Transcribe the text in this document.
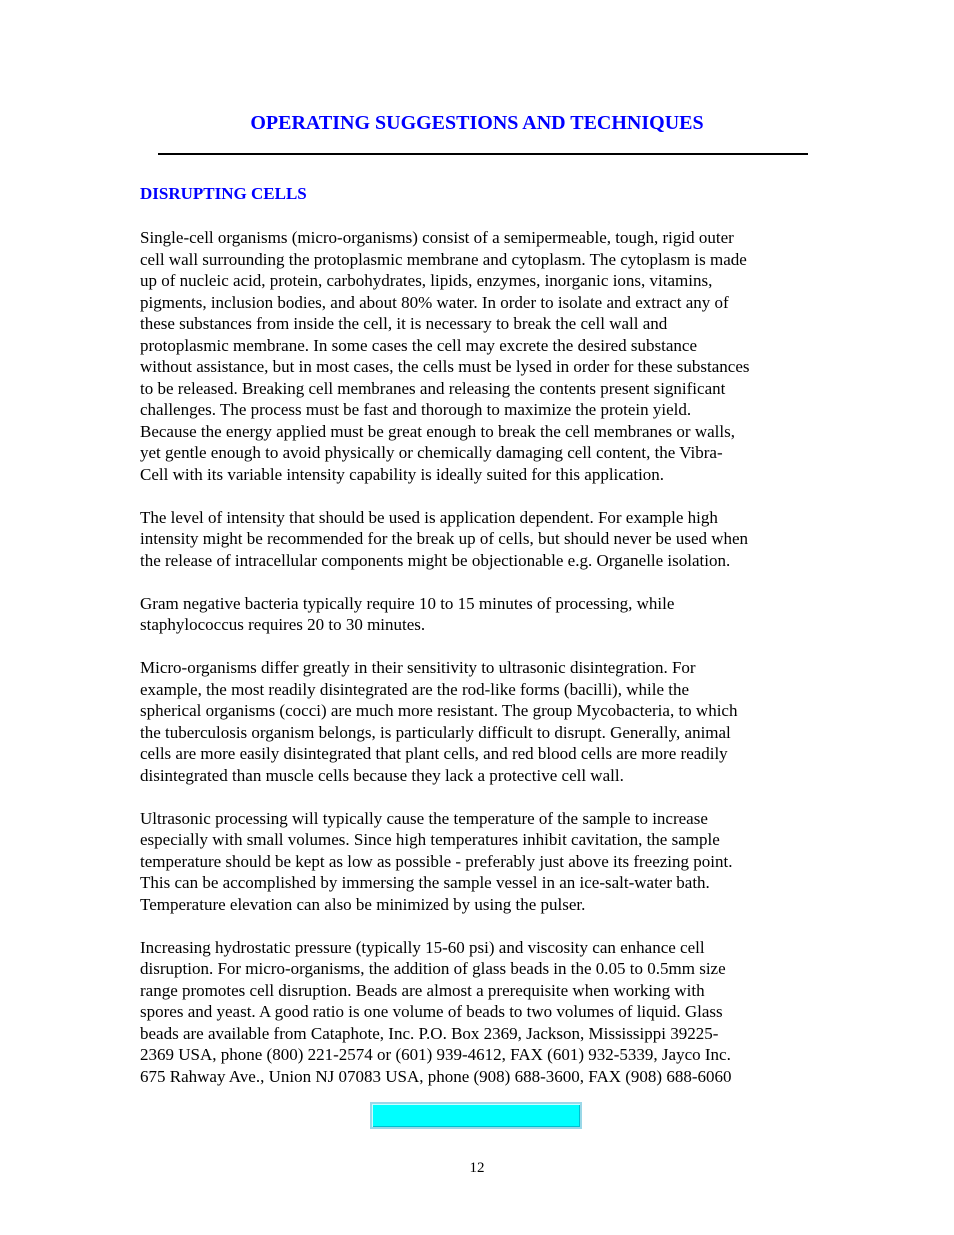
OPERATING SUGGESTIONS AND TECHNIQUES
DISRUPTING CELLS

Single-cell organisms (micro-organisms) consist of a semipermeable, tough, rigid outer
cell wall surrounding the protoplasmic membrane and cytoplasm. The cytoplasm is made
up of nucleic acid, protein, carbohydrates, lipids, enzymes, inorganic ions, vitamins,
pigments, inclusion bodies, and about 80% water. In order to isolate and extract any of
these substances from inside the cell, it is necessary to break the cell wall and
protoplasmic membrane. In some cases the cell may excrete the desired substance
without assistance, but in most cases, the cells must be lysed in order for these substances
to be released. Breaking cell membranes and releasing the contents present significant
challenges. The process must be fast and thorough to maximize the protein yield.
Because the energy applied must be great enough to break the cell membranes or walls,
yet gentle enough to avoid physically or chemically damaging cell content, the Vibra-
Cell with its variable intensity capability is ideally suited for this application.

The level of intensity that should be used is application dependent. For example high
intensity might be recommended for the break up of cells, but should never be used when
the release of intracellular components might be objectionable e.g. Organelle isolation.

Gram negative bacteria typically require 10 to 15 minutes of processing, while
staphylococcus requires 20 to 30 minutes.

Micro-organisms differ greatly in their sensitivity to ultrasonic disintegration. For
example, the most readily disintegrated are the rod-like forms (bacilli), while the
spherical organisms (cocci) are much more resistant. The group Mycobacteria, to which
the tuberculosis organism belongs, is particularly difficult to disrupt. Generally, animal
cells are more easily disintegrated that plant cells, and red blood cells are more readily
disintegrated than muscle cells because they lack a protective cell wall.

Ultrasonic processing will typically cause the temperature of the sample to increase
especially with small volumes. Since high temperatures inhibit cavitation, the sample
temperature should be kept as low as possible - preferably just above its freezing point.
This can be accomplished by immersing the sample vessel in an ice-salt-water bath.
Temperature elevation can also be minimized by using the pulser.

Increasing hydrostatic pressure (typically 15-60 psi) and viscosity can enhance cell
disruption. For micro-organisms, the addition of glass beads in the 0.05 to 0.5mm size
range promotes cell disruption. Beads are almost a prerequisite when working with
spores and yeast. A good ratio is one volume of beads to two volumes of liquid. Glass
beads are available from Cataphote, Inc. P.O. Box 2369, Jackson, Mississippi 39225-
2369 USA, phone (800) 221-2574 or (601) 939-4612, FAX (601) 932-5339, Jayco Inc.
675 Rahway Ave., Union NJ 07083 USA, phone (908) 688-3600, FAX (908) 688-6060

12
